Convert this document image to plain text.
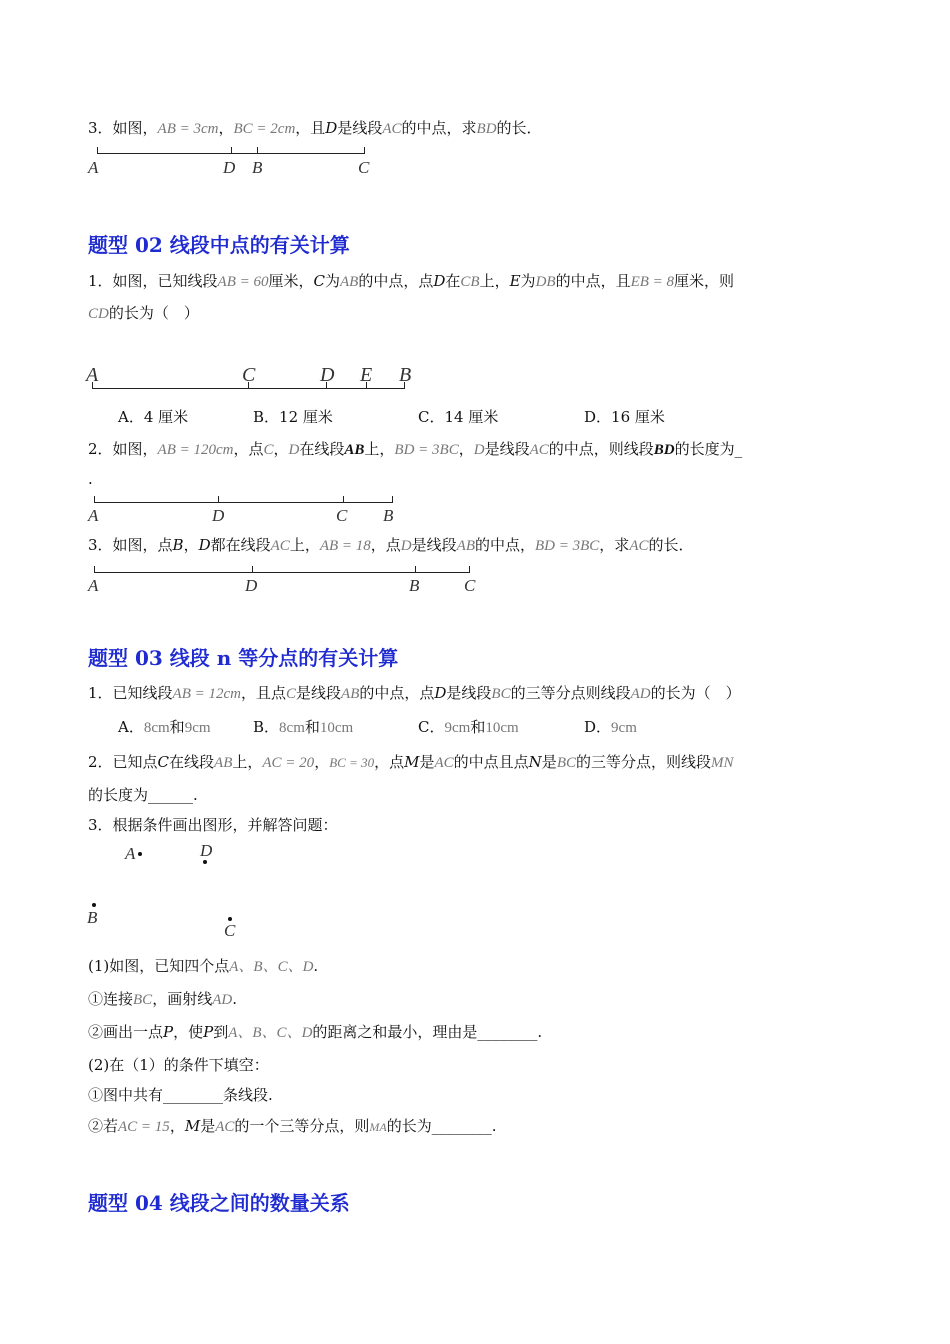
3．如图，AB = 3cm，BC = 2cm，且D是线段AC的中点，求BD的长．
A	D B	C
题型 02 线段中点的有关计算
1．如图，已知线段AB = 60厘米，C为AB的中点，点D在CB上，E为DB的中点，且EB = 8厘米，则
CD的长为（　）
A	C	D E B
A．4 厘米	B．12 厘米	C．14 厘米	D．16 厘米
2．如图，AB = 120cm，点C，D在线段AB上，BD = 3BC，D是线段AC的中点，则线段BD的长度为_
.
A	D	C B
3．如图，点B，D都在线段AC上，AB = 18，点D是线段AB的中点，BD = 3BC，求AC的长．
A	D	B	C
题型 03 线段 n 等分点的有关计算
1．已知线段AB = 12cm，且点C是线段AB的中点，点D是线段BC的三等分点则线段AD的长为（　）
A．8cm和9cm	B．8cm和10cm	C．9cm和10cm	D．9cm
2．已知点C在线段AB上，AC = 20，BC = 30，点M是AC的中点且点N是BC的三等分点，则线段MN
的长度为______.
3．根据条件画出图形，并解答问题：
A	D
B
C
(1)如图，已知四个点A、B、C、D.
①连接BC，画射线AD.
②画出一点P，使P到A、B、C、D的距离之和最小，理由是________.
(2)在（1）的条件下填空：
①图中共有________条线段.
②若AC = 15，M是AC的一个三等分点，则MA的长为________.
题型 04 线段之间的数量关系
